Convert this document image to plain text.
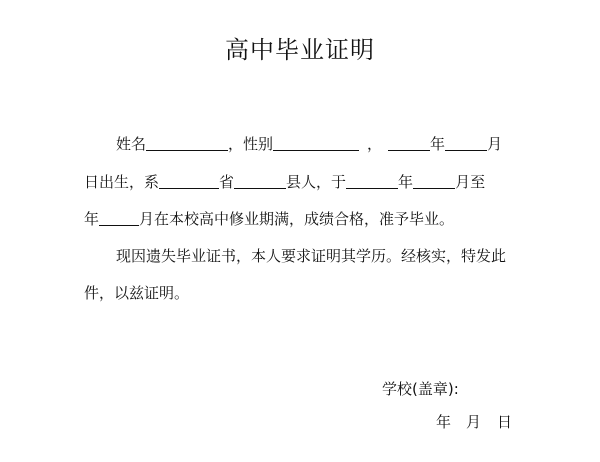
高中毕业证明
姓名	，性别	，	年	月
日出生，系	省	县人，于	年	月至
年	月在本校高中修业期满，成绩合格，准予毕业。
现因遗失毕业证书，本人要求证明其学历。经核实，特发此
件，以兹证明。
学校(盖章):
年 月 日
